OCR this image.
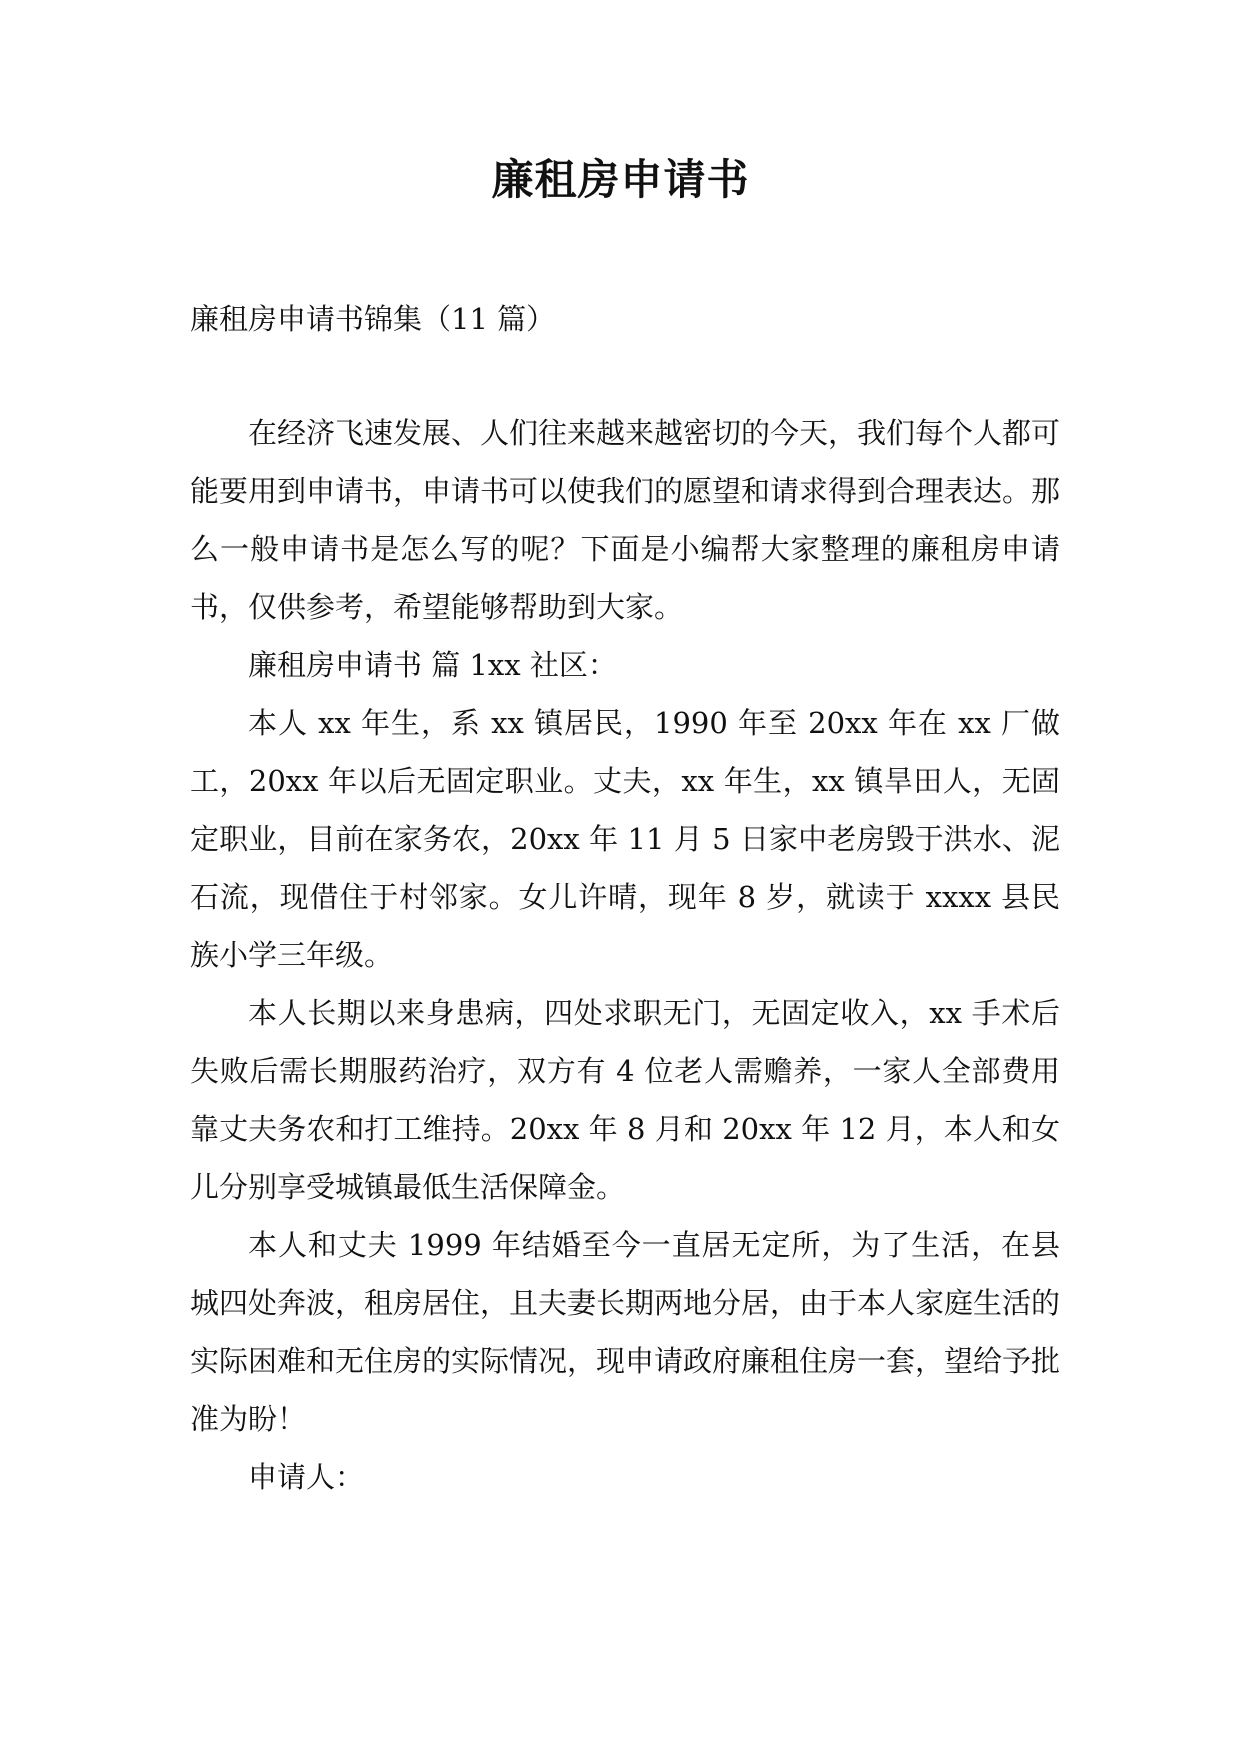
廉租房申请书
廉租房申请书锦集（11 篇）

在经济飞速发展、人们往来越来越密切的今天，我们每个人都可能要用到申请书，申请书可以使我们的愿望和请求得到合理表达。那么一般申请书是怎么写的呢？下面是小编帮大家整理的廉租房申请书，仅供参考，希望能够帮助到大家。

廉租房申请书 篇 1xx 社区：

本人 xx 年生，系 xx 镇居民，1990 年至 20xx 年在 xx 厂做工，20xx 年以后无固定职业。丈夫，xx 年生，xx 镇旱田人，无固定职业，目前在家务农，20xx 年 11 月 5 日家中老房毁于洪水、泥石流，现借住于村邻家。女儿许晴，现年 8 岁，就读于 xxxx 县民族小学三年级。

本人长期以来身患病，四处求职无门，无固定收入，xx 手术后失败后需长期服药治疗，双方有 4 位老人需赡养，一家人全部费用靠丈夫务农和打工维持。20xx 年 8 月和 20xx 年 12 月，本人和女儿分别享受城镇最低生活保障金。

本人和丈夫 1999 年结婚至今一直居无定所，为了生活，在县城四处奔波，租房居住，且夫妻长期两地分居，由于本人家庭生活的实际困难和无住房的实际情况，现申请政府廉租住房一套，望给予批准为盼！

申请人：
